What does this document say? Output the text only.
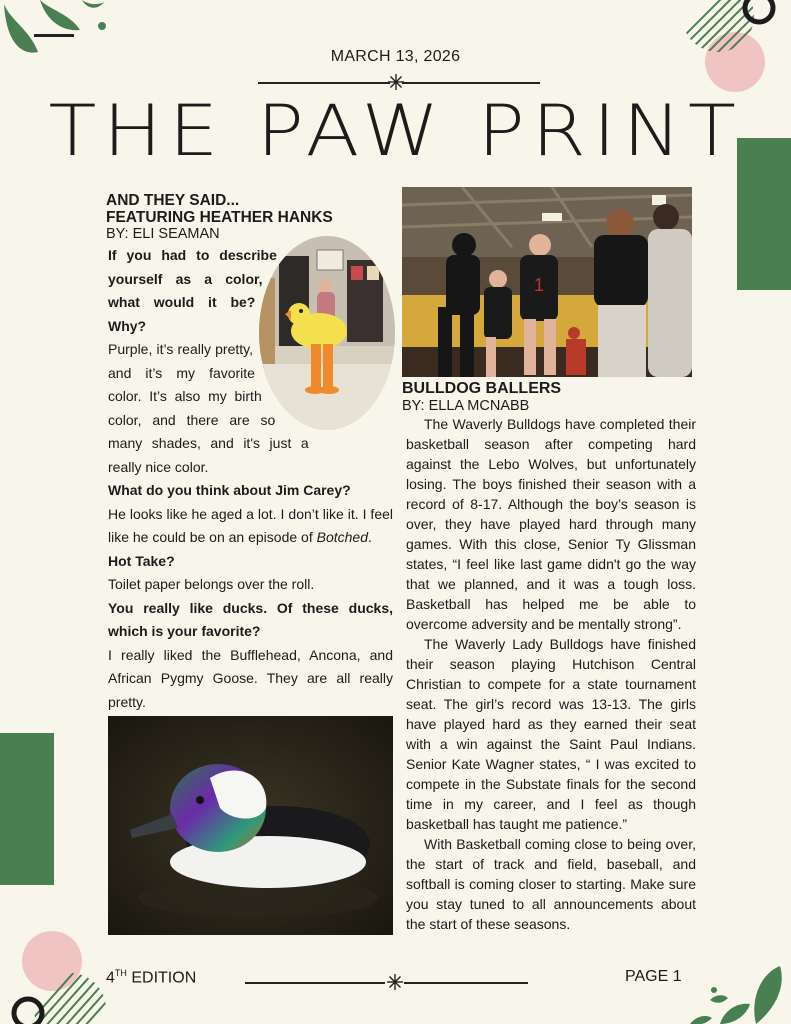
MARCH 13, 2026
THE PAW PRINT
AND THEY SAID...
FEATURING HEATHER HANKS
BY: ELI SEAMAN

If you had to describe yourself as a color, what would it be? Why?

Purple, it’s really pretty, and it’s my favorite color. It’s also my birth color, and there are so many shades, and it's just a really nice color.

What do you think about Jim Carey?

He looks like he aged a lot. I don’t like it. I feel like he could be on an episode of Botched.

Hot Take?

Toilet paper belongs over the roll.

You really like ducks. Of these ducks, which is your favorite?

I really liked the Bufflehead, Ancona, and African Pygmy Goose. They are all really pretty.

1
BULLDOG BALLERS
BY: ELLA MCNABB

The Waverly Bulldogs have completed their basketball season after competing hard against the Lebo Wolves, but unfortunately losing. The boys finished their season with a record of 8-17. Although the boy’s season is over, they have played hard through many games. With this close, Senior Ty Glissman states, “I feel like last game didn't go the way that we planned, and it was a tough loss. Basketball has helped me be able to overcome adversity and be mentally strong”.

The Waverly Lady Bulldogs have finished their season playing Hutchison Central Christian to compete for a state tournament seat. The girl’s record was 13-13. The girls have played hard as they earned their seat with a win against the Saint Paul Indians. Senior Kate Wagner states, “ I was excited to compete in the Substate finals for the second time in my career, and I feel as though basketball has taught me patience.”

With Basketball coming close to being over, the start of track and field, baseball, and softball is coming closer to starting. Make sure you stay tuned to all announcements about the start of these seasons.

4TH EDITION	PAGE 1
